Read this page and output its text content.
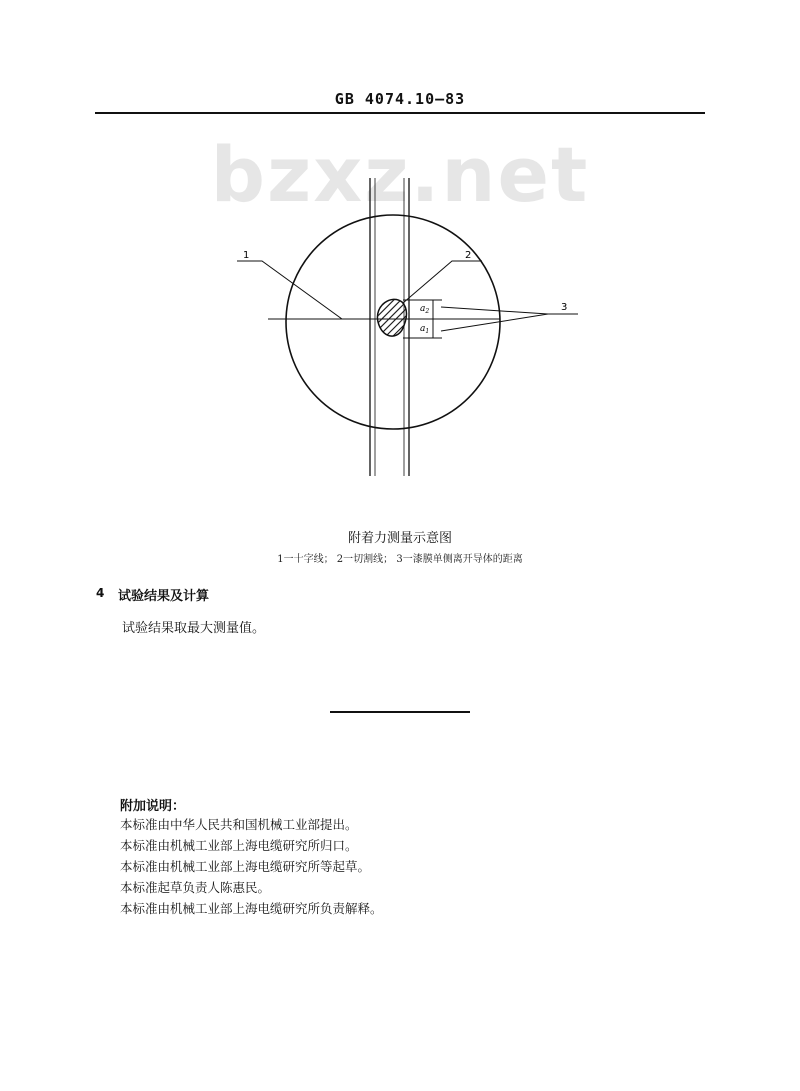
GB 4074.10—83
bzxz.net
1	2
$a_2$
$a_1$
3
附着力测量示意图
1一十字线； 2一切割线； 3一漆膜单侧离开导体的距离
4 试验结果及计算
试验结果取最大测量值。
附加说明：
本标准由中华人民共和国机械工业部提出。
本标准由机械工业部上海电缆研究所归口。
本标准由机械工业部上海电缆研究所等起草。
本标准起草负责人陈惠民。
本标准由机械工业部上海电缆研究所负责解释。
